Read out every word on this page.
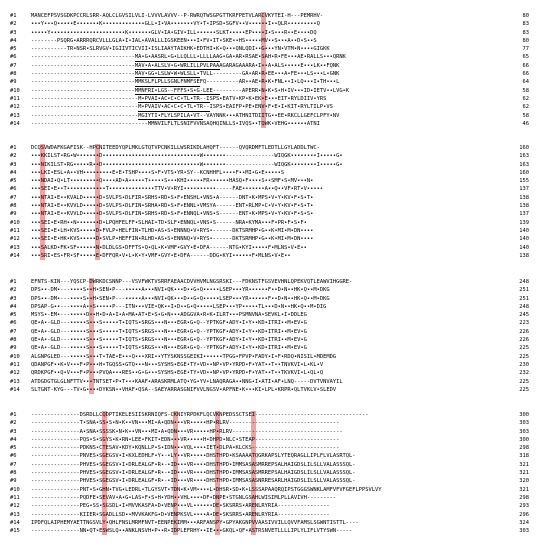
#1	MANCEFPSVSGDKPCCRLSRR-AQLCLGVSILVLI-LVVVLAVVV--P-RWRQTWSGPGTTKRFPETVLARCVKYTEI-H---PEMRHV-	80
#2	•••Y•••Q•••••E•••••••K•••••••••••••GLL•I•VA•••••••VY•T•IPSD•SGFV••V••••••I••QLR•••••••••Q	83
#3	•••••Y•••••••••••••••••••••••K•••••••GLV•IA•GIV•ILL••••••SLKT•••••EP••••I•S•••R••E••••DQ	83
#4	--------PSQRG•ARRRQRCVLLLGLA•I•IAL•AVALLLIGSKEEN•••I•FV•IT•SKE••HS•••••MV••S•••A••D•S••S	80
#5	-----------TR•NSR•SLRVGV•IGIIVTICVII•ISLIAAYTAIKHK•EDTHI•K•Q•••QNLQDI••G•••YN•VTM•N••••GIGKK	77
#6	--------------------------------MA•G•AASRL•G•LLQLLL•LLLLAAG•GA•AR•RSAE•SAH•R•FE•••AE•RALLS•••QRNK	65
#7	--------------------------------MAV•A•ALSLV•G•WRLILLPVLPAAAGARAGAAARA•I••A•ALS•••••E•••LK••FQNK	66
#8	--------------------------------MAV•GG•LSLW•W•WLSLL•TVLL---------GA•AR•R•EE•••A•FE•••LS•••L•GNK	66
#9	--------------------------------MMKSLFLPLLSGNLFNMFSEFQ----------AR••AE•R•K•FNL••I•LQ•••I•TH•••L	64
#10 --------------------------------MMNFRI•LGS--FFFS•S•G-LEE---------APERR•N•K•S•H•IV•••ID•IETV••LVG•K	58
#11 ---------------------------------M•PVAI•AC•C•C•TL•TR--ISPS•EATV•KP•K•EK•E•••EIT•RYLDIIV•YRS	62
#12 ---------------------------------M•PVAIV•AC•C•C•TL•TR--ISPS•EAIFP•PE•ENV•F•E•I•KIT•RYLTILP•VS	62
#13 ---------------------------------MGIYTI•FLYLSPILA•VT--VAYNNK•••ATHNITDIITG••EE•RKCLLGEFCLPFY•NV	58
#14 ------------------------------------MMNVILFLTLSNIFVVNSAQHQINLLS•IVQS••TQWK•VEHG••••••ATNI	46
#1	DCQSVWDAFKGAFISK--HPCNITEEDYQPLMKLGTQTVPCNKILLWSRIKDLAHQFT------QVQRDMFTLEDTLLGYLADDLTWC-	160
#2	•••KKILST•RG•W•••••••D••••••••••••••••••••••••••••••W•••••••---------------WIQGK••••••••I•••••G•	163
#3	•••NIKILST•RG•••••R••D••••••••••••••••••••••••••••••W•••••••---------------WIQGK••••••••I•••••G•	163
#4	•••LKI•ESL•A••VH•••••••••E•E•TSHP••••S•F•VTS•YR•SY--KCNHHFL••••F••MI•G•E•••••S	160
#5	•••NDAI•Q•LT•••••••••Q••••AD•A•••••T•••••S•••KHI•••••FR••••••HASQ•F••••S••SMF•S•MV•••N•	155
#6	•••SEI•E••T••••••••••••T••••••••••••••TTV•V•RYI••••••••••-----FAE•••••••A••Q••VF•RT•V•••••	137
#7	•••NTAI•E••KVALD•••••D•SVLPS•DLFIR•SRHS•RD•S•F•ENSHL•VNS•A------DNT•K•MPS•V•Y•KV•F•S•T•	138
#8	•••NTAI•E••KVVLD•••••D•SVLPS•DLFIN•SRHA•RD•S•F•ENNL•VMSYA------ENT•RLMP•C•V•Y•KV•F•S•T•	138
#9	•••NTAI•E••KVVLD•••••D•SVLPS•DLFIN•SRHS•RD•S•F•ENNQL•VNS•S------ENT•K•MPS•V•Y•KV•F•S•S•	137
#10 •••SEI•E•RH••N•••••••D•LPQHFELFF•SLHAI•TD•SLF•ENNQL•VNS•S------NRA•KYMA•••F•PR•F•S•F•	139
#11 •••SEI•E•LH•KVS•••••D•FVLP•HELFIN•TLHD•AS•S•ENNNQ•V•RYS•------DKTSRMHP•G••K•MI•M•DN••••	140
#12 •••SEI•E•HK•KVS•••••D•SVLP•HEFFIN•RLHD•AS•S•ENNNQ•V•RYS•------DKTSRMHP•G••K•MI•M•DN••••	140
#13 •••SALKD•FK•SF••••••N•DLDLGS•DFFTS•Q•QL•K•VMF•GVY•E•DFA------NTG•KYI•••••F•MLNS•V•E••	140
#14 •••SRI•ES•FR•SF•••••E•DFFQR•V•L•K•Y•VMF•GVY•E•DFA------DDG•KYI••••••F•MLNS•V•E••	138
#1	EFNTS-KIN---YQSCP-DWRKDCSNNP---VSVFWKTVSRRFAEAACDVVHVMLNGSRSKI---FDKNSTFGSVEVHNLQPEKVQTLEAWVIHGGRE-	248
#2	DPS••-DM•---••••S••H•SEN•P---•••••A•••NVI•QK•••D••G•Q•••••LSEP•••YR••••••F••D•N••HK•Q••M•DKG	251
#3	DPS••-DM•---••••S••H•SEN•P---•••••A•••NVI•QK•••D••G•Q•••••LSEP•••YR••••••F••D•N••HK•Q••M•DKG	251
#4	DPSAP-G••---••••A••S•••••P---ITN•••VIE•QK••I•D••G•Q•••••LSEP•••YP•••••TL•••D•N••HK•Q••M•DIG	248
#5	MSYS•-EM•---•••••D••H•D•A•I•A•MA•AT•E•S•G•N•••ADGGVA•R•K•ILRT•••PSMNVNA•SEVKL•I•DDLEG	245
#6	QE•A•-GLD---•••••S•••S•••••T•IQTS•SRGS•••N•••EGR•G•Q--YPTKGF•ADY•I•Y••KD•ITRI••M•EV•G	223
#7	QE•A•-GLD---•••••S•••S•••••T•IQTS•SRGS•••N•••EGR•G•Q--YPTKGF•ADY•I•Y••KD•ITRI••M•EV•G	226
#8	QE•A•-GLD---•••••S•••S•••••T•IQTS•SRGS•••N•••EGR•G•Q--YPTKGF•ADY•I•Y••KD•ITRI••M•EV•G	226
#9	QE•A•-GLD---•••••S•••S•••••T•IQTS•SRGS•••N•••EGR•G•Q--YPTKGF•ADY•I•Y••KD•ITRI••M•EV•G	225
#10 ALGNPGLED---•••••S•••T•TAE•E•••Q•••XRI••YTYSKNSSGEIKI••••••TPGG•FPVP•FADY•I•F•RDQ•NISIL•MDEMDG	225
#11 QDANPGF••K•V•••F•P•••H•TGQSS•GTQ•••N•••SYSHS•EGE•TY•VD••NP•VP•YRPD•F•YAT••T••TNVKVI•L•KL•V	230
#12 QRDKPGF••Q•V•••F•P•••PVQA•••RES••G•G•••SYSHS•EGE•TY•VD••NP•VP•YRPD•F•YAT••T••TKVKVI•L•QL•Q	232
#13 ATDGDGTGLGLNFTTV•••TNTSET•P•T•••KAAF•ARASKRMLATQ•YG•YV•LNAQRAGA••NNG•I•ATI•AF•LNQ-----DVTVNVAYIL	225
#14 SLTGNT-KYG---TV•G••••DYKSN••VHAF•QSA--SAEYARRASGNIFVVLNGSV•APFNE•K•••KI•LPL•KRPR•QLTVKLV•SLEDV	225
#1	---------------DSRDLLCQDPTIKELESIISKRNIQFS-CKNIYRPDKFLQCVKNPEDSSCTSEI-----------------------------------	300
#2	---------------T•SNA•SS•S•N•K••VN•••MI•A•QDN•••VR•••••HP•RLRV----------------------------------	303
#3	---------------A•SNA•SSSSK•N•K••VN•••MI•A•QDN•••VR•••••HP•RLRV----------------------------------	303
#4	---------------PQS•S•SGYS•K•RN•LEE•FKIT•EDN•••VR•••••H•DHPD•NLC•STEAP--------------------------	300
#5	---------------PDKNS•CTESAV•KDY•KQNLLP•S•IDN•••VQL••••IET•DLPA•KLCKS---------------------------	298
#6	---------------PNVES•SGEGSV•I•KXLEDHLF•Y•-•LY••VR•••••DHSTHPD•KSAAAATQGRKAPSLYTEQRAGLLIPLFLVLASRTQL-	318
#7	---------------PHVES•SGEGSV•I•DRLEALGF•R•-•ID•••VR••••DHSTHPD•IMMSASASMRREPSALHAIGDSLILSLLVALASSSQL-	321
#8	---------------PHVES•SGEGSV•I•DRLEALGF•R•-•ID•••VR••••DHSTHPD•IMMSASASMRREPSALHAIGDSLILSLLVALASSSQL-	321
#9	---------------PHVES•SGEGSV•I•DRLEALGF•R•-•ID•••VR••••DHSTHPD•IMMSASASNRRESARLHAIGDSLILSLLVALASSSQL-	320
#10 ---------------PNT•S•GHN•TVG•LEDRL•TLGYSVT•TDN•K•VM••••L•DHSR•SD•K•LSSSAPAAQRQIPSTGGGSWNKLAMFVFVFGEFLPPSVLVY	321
#11 ---------------PQDFE•SEVAV•A•G•LAS•F•S•H•YDH••VHL••••DF•DNPE•STGNLGSAHLWISIMLPLLAVIVH---------	298
#12 ---------------PEG•SS•SGSDL•I•MVVKASFA•D•VENP•••VL••••••DE•SKSRRS•ARENLRYRIA----------------	293
#13 ---------------KIIER•SGADLLSD••MVVKAKFG•D•VENPKSVL••••A•DE•SKSRRS•ARENLRYRIA----------------	296
#14 IPDFQLAIPHEMYAETTNGSVLY•QHLFNSLMRMFNVT•EENPEKIMM•••ARFANSPY•GPYAKGNPVVAASIVVILLQVVFAMSLSGWNTISTTL----	324
#15 ---------------NN•QT•ESWSLQ••ANKLNSVH•P••R•IDPLEFRHY••IE•••GKQL•QF•ASTRSNVETLLLLIPLYLIFLVTYSWN-----	303
